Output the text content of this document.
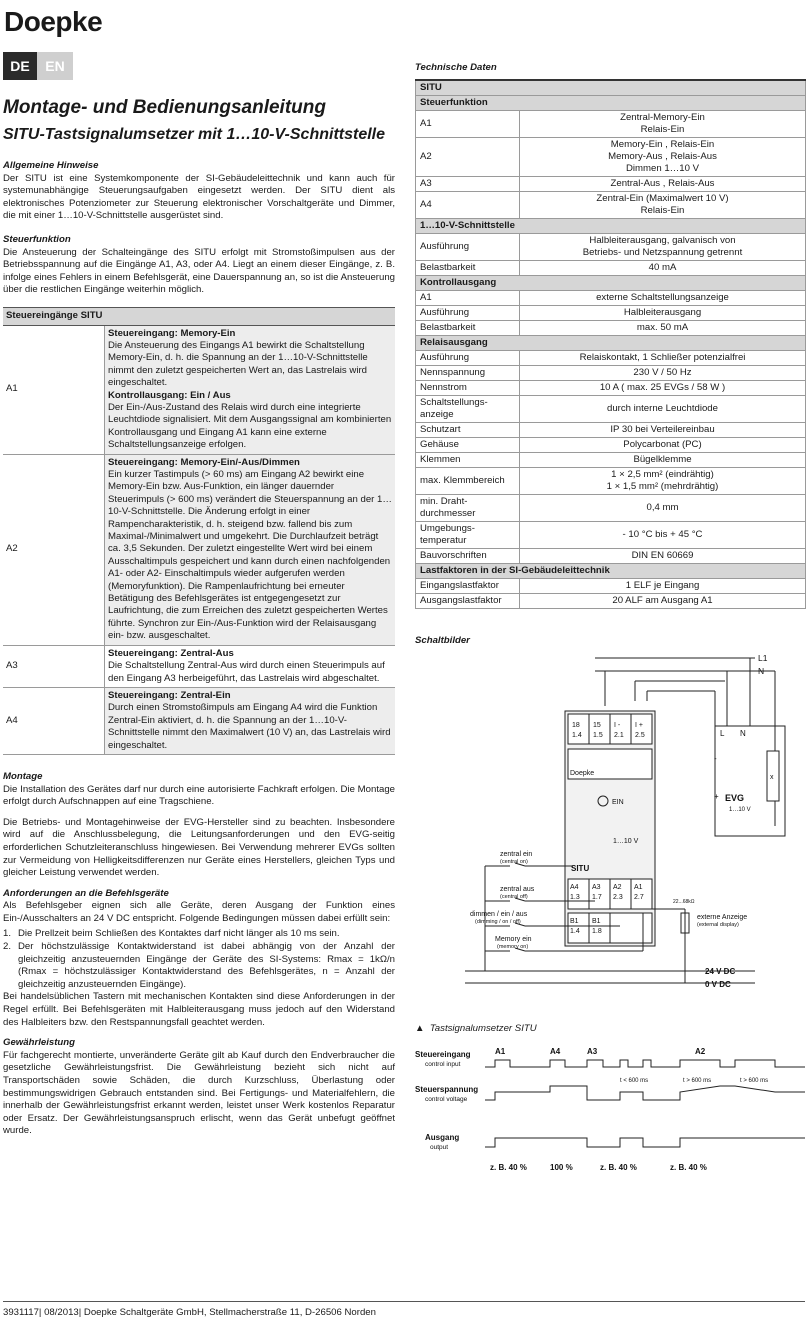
Doepke
DE	EN
Montage- und Bedienungsanleitung
SITU-Tastsignalumsetzer mit 1…10-V-Schnittstelle
Allgemeine Hinweise

Der SITU ist eine Systemkomponente der SI-Gebäudeleittechnik und kann auch für systemunabhängige Steuerungsaufgaben eingesetzt werden. Der SITU dient als elektronisches Potenziometer zur Steuerung elektronischer Vorschaltgeräte und Dimmer, die mit einer 1…10-V-Schnittstelle ausgerüstet sind.

Steuerfunktion

Die Ansteuerung der Schalteingänge des SITU erfolgt mit Stromstoßimpulsen aus der Betriebsspannung auf die Eingänge A1, A3, oder A4. Liegt an einem dieser Eingänge, z. B. infolge eines Fehlers in einem Befehlsgerät, eine Dauerspannung an, so ist die Ansteuerung über die restlichen Eingänge weiterhin möglich.

Steuereingänge SITU	
A1	Steuereingang: Memory-Ein
Die Ansteuerung des Eingangs A1 bewirkt die Schaltstellung Memory-Ein, d. h. die Spannung an der 1…10-V-Schnittstelle nimmt den zuletzt gespeicherten Wert an, das Lastrelais wird eingeschaltet.
Kontrollausgang: Ein / Aus
Der Ein-/Aus-Zustand des Relais wird durch eine integrierte Leuchtdiode signalisiert. Mit dem Ausgangssignal am kombinierten Kontrollausgang und Eingang A1 kann eine externe Schaltstellungsanzeige erfolgen.
A2	Steuereingang: Memory-Ein/-Aus/Dimmen
Ein kurzer Tastimpuls (> 60 ms) am Eingang A2 bewirkt eine Memory-Ein bzw. Aus-Funktion, ein länger dauernder Steuerimpuls (> 600 ms) verändert die Steuerspannung an der 1…10-V-Schnittstelle. Die Änderung erfolgt in einer Rampencharakteristik, d. h. steigend bzw. fallend bis zum Maximal-/Minimalwert und umgekehrt. Die Durchlaufzeit beträgt ca. 3,5 Sekunden. Der zuletzt eingestellte Wert wird bei einem Ausschaltimpuls gespeichert und kann durch einen nachfolgenden A1- oder A2- Einschaltimpuls wieder aufgerufen werden (Memoryfunktion). Die Rampenlaufrichtung bei erneuter Betätigung des Befehlsgerätes ist entgegengesetzt zur Laufrichtung, die zum Erreichen des zuletzt gespeicherten Wertes führte. Synchron zur Ein-/Aus-Funktion wird der Relaisausgang ein- bzw. ausgeschaltet.
A3	Steuereingang: Zentral-Aus
Die Schaltstellung Zentral-Aus wird durch einen Steuerimpuls auf den Eingang A3 herbeigeführt, das Lastrelais wird abgeschaltet.
A4	Steuereingang: Zentral-Ein
Durch einen Stromstoßimpuls am Eingang A4 wird die Funktion Zentral-Ein aktiviert, d. h. die Spannung an der 1…10-V-Schnittstelle nimmt den Maximalwert (10 V) an, das Lastrelais wird eingeschaltet.
Montage

Die Installation des Gerätes darf nur durch eine autorisierte Fachkraft erfolgen. Die Montage erfolgt durch Aufschnappen auf eine Tragschiene.

Die Betriebs- und Montagehinweise der EVG-Hersteller sind zu beachten. Insbesondere wird auf die Anschlussbelegung, die Leitungsanforderungen und den EVG-seitig erforderlichen Schutzleiteranschluss hingewiesen. Bei Verwendung mehrerer EVGs sollten zur Vermeidung von Helligkeitsdifferenzen nur Geräte eines Herstellers, gleichen Typs und gleicher Leistung verwendet werden.

Anforderungen an die Befehlsgeräte

Als Befehlsgeber eignen sich alle Geräte, deren Ausgang der Funktion eines Ein-/Ausschalters an 24 V DC entspricht. Folgende Bedingungen müssen dabei erfüllt sein:

1. Die Prellzeit beim Schließen des Kontaktes darf nicht länger als 10 ms sein.
2. Der höchstzulässige Kontaktwiderstand ist dabei abhängig von der Anzahl der gleichzeitig anzusteuernden Eingänge der Geräte des SI-Systems: Rmax = 1kΩ/n (Rmax = höchstzulässiger Kontaktwiderstand des Befehlsgerätes, n = Anzahl der gleichzeitig anzusteuernden Eingänge).

Bei handelsüblichen Tastern mit mechanischen Kontakten sind diese Anforderungen in der Regel erfüllt. Bei Befehlsgeräten mit Halbleiterausgang muss jedoch auf den Widerstand des Halbleiters bzw. den Restspannungsfall geachtet werden.

Gewährleistung

Für fachgerecht montierte, unveränderte Geräte gilt ab Kauf durch den Endverbraucher die gesetzliche Gewährleistungsfrist. Die Gewährleistung bezieht sich nicht auf Transportschäden sowie Schäden, die durch Kurzschluss, Überlastung oder bestimmungswidrigen Gebrauch entstanden sind. Bei Fertigungs- und Materialfehlern, die innerhalb der Gewährleistungsfrist erkannt werden, leistet unser Werk kostenlos Reparatur oder Ersatz. Der Gewährleistungsanspruch erlischt, wenn das Gerät unbefugt geöffnet wurde.

Technische Daten
SITU	
Steuerfunktion	
A1	Zentral-Memory-Ein
Relais-Ein
A2	Memory-Ein , Relais-Ein
Memory-Aus , Relais-Aus
Dimmen 1…10 V
A3	Zentral-Aus , Relais-Aus
A4	Zentral-Ein (Maximalwert 10 V)
Relais-Ein
1…10-V-Schnittstelle	
Ausführung	Halbleiterausgang, galvanisch von
Betriebs- und Netzspannung getrennt
Belastbarkeit	40 mA
Kontrollausgang	
A1	externe Schaltstellungsanzeige
Ausführung	Halbleiterausgang
Belastbarkeit	max. 50 mA
Relaisausgang	
Ausführung	Relaiskontakt, 1 Schließer potenzialfrei
Nennspannung	230 V / 50 Hz
Nennstrom	10 A ( max. 25 EVGs / 58 W )
Schaltstellungs-
anzeige	durch interne Leuchtdiode
Schutzart	IP 30 bei Verteilereinbau
Gehäuse	Polycarbonat (PC)
Klemmen	Bügelklemme
max. Klemmbereich	1 × 2,5 mm² (eindrähtig)
1 × 1,5 mm² (mehrdrähtig)
min. Draht-
durchmesser	0,4 mm
Umgebungs-
temperatur	- 10 °C bis + 45 °C
Bauvorschriften	DIN EN 60669
Lastfaktoren in der SI-Gebäudeleittechnik	
Eingangslastfaktor	1 ELF je Eingang
Ausgangslastfaktor	20 ALF am Ausgang A1
Schaltbilder
L1
N
18
1.4
15
1.5
I -
2.1
I +
2.5
Doepke
EIN
1…10 V
SITU
A4
1.3
A3
1.7
A2
2.3
A1
2.7
B1
1.4
B1
1.8
zentral ein
(central on)
zentral aus
(central off)
dimmen / ein / aus
(dimming / on / off)
Memory ein
(memory on)
externe Anzeige
(external display)
22...68kΩ
24 V DC
0 V DC
EVG
1…10 V
L N
x
-
+
▲  Tastsignalumsetzer SITU
Steuereingang
control input
Steuerspannung
control voltage
Ausgang
output
A1	A4	A3	A2
t < 600 ms	t > 600 ms	t > 600 ms
z. B. 40 %	100 %	z. B. 40 %	z. B. 40 %
3931117| 08/2013| Doepke Schaltgeräte GmbH, Stellmacherstraße 11, D-26506 Norden
